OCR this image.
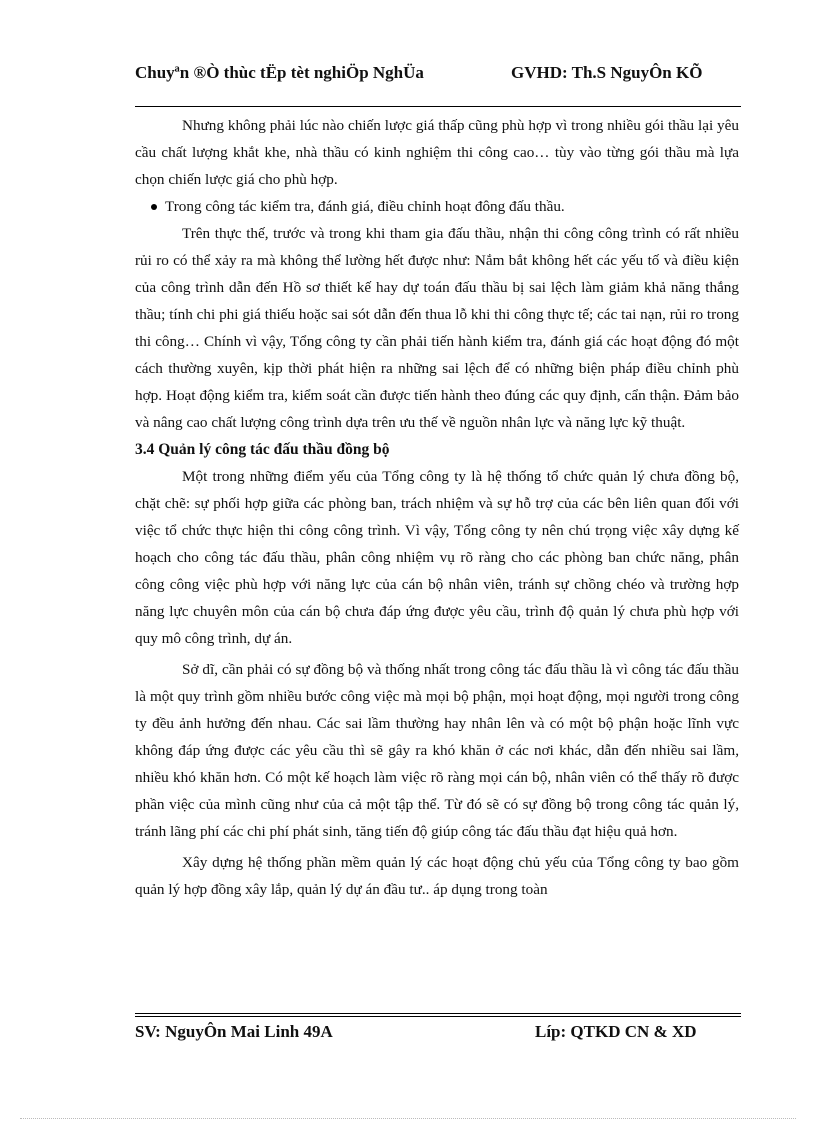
Chuyªn ®Ò thùc tËp tèt nghiÖp NghÜa	GVHD: Th.S NguyÔn KÕ

Nhưng không phải lúc nào chiến lược giá thấp cũng phù hợp vì trong nhiều gói thầu lại yêu cầu chất lượng khắt khe, nhà thầu có kinh nghiệm thi công cao… tùy vào từng gói thầu mà lựa chọn chiến lược giá cho phù hợp.

Trong công tác kiểm tra, đánh giá, điều chỉnh hoạt đông đấu thầu.

Trên thực thế, trước và trong khi tham gia đấu thầu, nhận thi công công trình có rất nhiều rủi ro có thể xảy ra mà không thể lường hết được như: Nắm bắt không hết các yếu tố và điều kiện của công trình dẫn đến Hồ sơ thiết kế hay dự toán đấu thầu bị sai lệch làm giảm khả năng thắng thầu; tính chi phi giá thiếu hoặc sai sót dẫn đến thua lỗ khi thi công thực tế; các tai nạn, rủi ro trong thi công… Chính vì vậy, Tổng công ty cần phải tiến hành kiểm tra, đánh giá các hoạt động đó một cách thường xuyên, kịp thời phát hiện ra những sai lệch để có những biện pháp điều chỉnh phù hợp. Hoạt động kiểm tra, kiểm soát cần được tiến hành theo đúng các quy định, cẩn thận. Đảm bảo và nâng cao chất lượng công trình dựa trên ưu thế về nguồn nhân lực và năng lực kỹ thuật.

3.4 Quản lý công tác đấu thầu đồng bộ

Một trong những điểm yếu của Tổng công ty là hệ thống tổ chức quản lý chưa đồng bộ, chặt chẽ: sự phối hợp giữa các phòng ban, trách nhiệm và sự hỗ trợ của các bên liên quan đối với việc tổ chức thực hiện thi công công trình. Vì vậy, Tổng công ty nên chú trọng việc xây dựng kế hoạch cho công tác đấu thầu, phân công nhiệm vụ rõ ràng cho các phòng ban chức năng, phân công công việc phù hợp với năng lực của cán bộ nhân viên, tránh sự chồng chéo và trường hợp năng lực chuyên môn của cán bộ chưa đáp ứng được yêu cầu, trình độ quản lý chưa phù hợp với quy mô công trình, dự án.

Sở dĩ, cần phải có sự đồng bộ và thống nhất trong công tác đấu thầu là vì công tác đấu thầu là một quy trình gồm nhiều bước công việc mà mọi bộ phận, mọi hoạt động, mọi người trong công ty đều ảnh hưởng đến nhau. Các sai lầm thường hay nhân lên và có một bộ phận hoặc lĩnh vực không đáp ứng được các yêu cầu thì sẽ gây ra khó khăn ở các nơi khác, dẫn đến nhiều sai lầm, nhiều khó khăn hơn. Có một kế hoạch làm việc rõ ràng mọi cán bộ, nhân viên có thể thấy rõ được phần việc của mình cũng như của cả một tập thể. Từ đó sẽ có sự đồng bộ trong công tác quản lý, tránh lãng phí các chi phí phát sinh, tăng tiến độ giúp công tác đấu thầu đạt hiệu quả hơn.

Xây dựng hệ thống phần mềm quản lý các hoạt động chủ yếu của Tổng công ty bao gồm quản lý hợp đồng xây lắp, quản lý dự án đầu tư.. áp dụng trong toàn

SV: NguyÔn Mai Linh 49A	Líp: QTKD CN & XD
